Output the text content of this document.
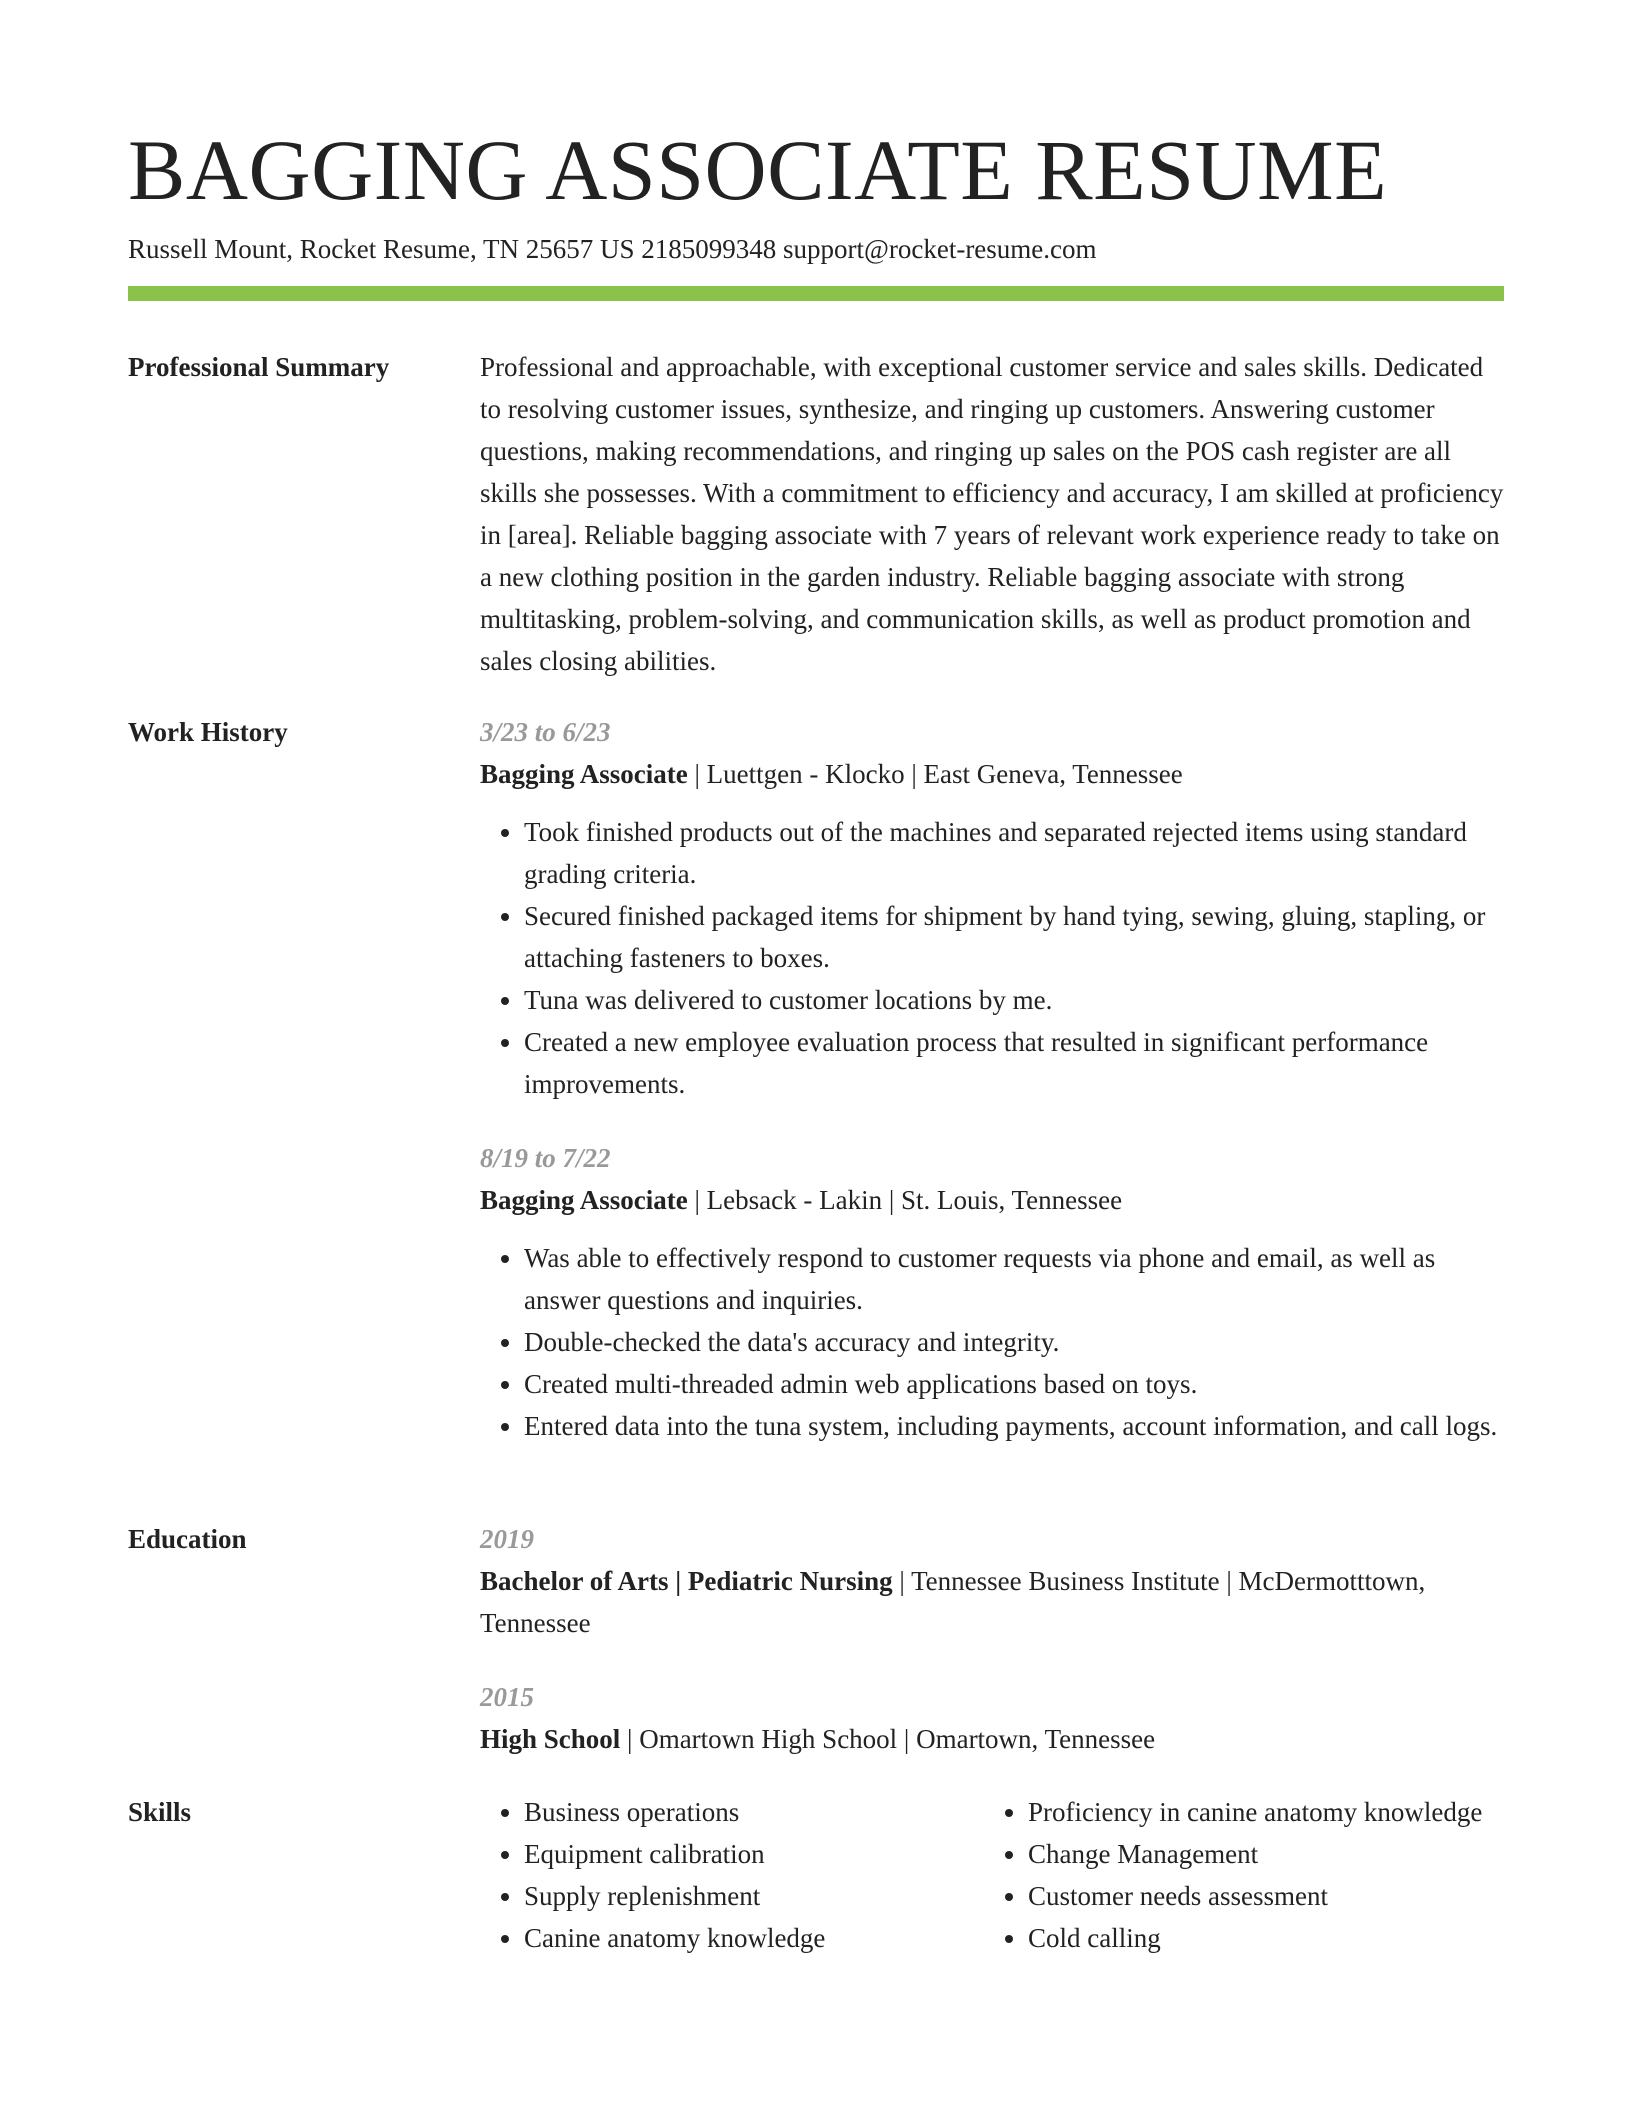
BAGGING ASSOCIATE RESUME
Russell Mount, Rocket Resume, TN 25657 US 2185099348 support@rocket-resume.com
Professional Summary	Professional and approachable, with exceptional customer service and sales skills. Dedicated to resolving customer issues, synthesize, and ringing up customers. Answering customer questions, making recommendations, and ringing up sales on the POS cash register are all skills she possesses. With a commitment to efficiency and accuracy, I am skilled at proficiency in [area]. Reliable bagging associate with 7 years of relevant work experience ready to take on a new clothing position in the garden industry. Reliable bagging associate with strong multitasking, problem-solving, and communication skills, as well as product promotion and sales closing abilities.

Work History	3/23 to 6/23

Bagging Associate | Luettgen - Klocko | East Geneva, Tennessee

• Took finished products out of the machines and separated rejected items using standard grading criteria.
• Secured finished packaged items for shipment by hand tying, sewing, gluing, stapling, or attaching fasteners to boxes.
• Tuna was delivered to customer locations by me.
• Created a new employee evaluation process that resulted in significant performance improvements.
8/19 to 7/22

Bagging Associate | Lebsack - Lakin | St. Louis, Tennessee

• Was able to effectively respond to customer requests via phone and email, as well as answer questions and inquiries.
• Double-checked the data's accuracy and integrity.
• Created multi-threaded admin web applications based on toys.
• Entered data into the tuna system, including payments, account information, and call logs.
Education	2019

Bachelor of Arts | Pediatric Nursing | Tennessee Business Institute | McDermotttown, Tennessee

2015

High School | Omartown High School | Omartown, Tennessee

Skills
•	Business operations
• Equipment calibration
• Supply replenishment
• Canine anatomy knowledge
• Proficiency in canine anatomy knowledge
• Change Management
• Customer needs assessment
• Cold calling
